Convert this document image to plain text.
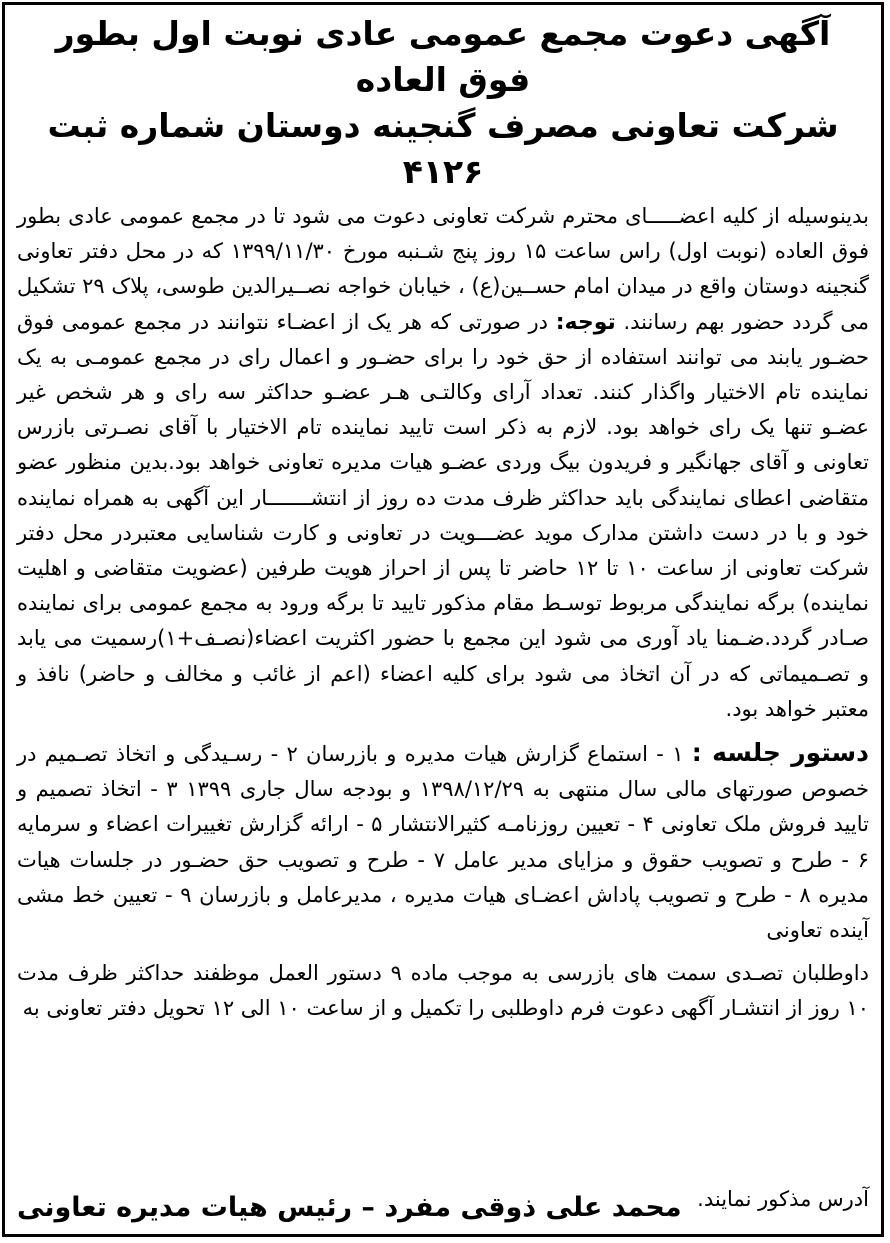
آگهی دعوت مجمع عمومی عادی نوبت اول بطور فوق العاده
شرکت تعاونی مصرف گنجینه دوستان شماره ثبت ۴۱۲۶

بدینوسیله از کلیه اعضـــــای محترم شرکت تعاونی دعوت می شود تا در مجمع عمومی عادی بطور فوق العاده (نوبت اول) راس ساعت ۱۵ روز پنج شـنبه مورخ ۱۳۹۹/۱۱/۳۰ که در محل دفتر تعاونی گنجینه دوستان واقع در میدان امام حســین(ع) ، خیابان خواجه نصــیرالدین طوسی، پلاک ۲۹ تشکیل می گردد حضور بهم رسانند. توجه: در صورتی که هر یک از اعضـاء نتوانند در مجمع عمومی فوق حضـور یابند می توانند استفاده از حق خود را برای حضـور و اعمال رای در مجمع عمومـی به یک نماینده تام الاختیار واگذار کنند. تعداد آرای وکالتـی هـر عضـو حداکثر سه رای و هر شخص غیر عضـو تنها یک رای خواهد بود. لازم به ذکر است تایید نماینده تام الاختیار با آقای نصـرتی بازرس تعاونی و آقای جهانگیر و فریدون بیگ وردی عضـو هیات مدیره تعاونی خواهد بود.بدین منظور عضو متقاضی اعطای نمایندگی باید حداکثر ظرف مدت ده روز از انتشـــــــار این آگهی به همراه نماینده خود و با در دست داشتن مدارک موید عضـــویت در تعاونی و کارت شناسایی معتبردر محل دفتر شرکت تعاونی از ساعت ۱۰ تا ۱۲ حاضر تا پس از احراز هویت طرفین (عضویت متقاضی و اهلیت نماینده) برگه نمایندگی مربوط توسـط مقام مذکور تایید تا برگه ورود به مجمع عمومی برای نماینده صـادر گردد.ضـمنا یاد آوری می شود این مجمع با حضور اکثریت اعضاء(نصـف+۱)رسمیت می یابد و تصـمیماتی که در آن اتخاذ می شود برای کلیه اعضاء (اعم از غائب و مخالف و حاضر) نافذ و معتبر خواهد بود.

دستور جلسه : ۱ - استماع گزارش هیات مدیره و بازرسان ۲ - رسـیدگی و اتخاذ تصـمیم در خصوص صورتهای مالی سال منتهی به ۱۳۹۸/۱۲/۲۹ و بودجه سال جاری ۱۳۹۹ ۳ - اتخاذ تصمیم و تایید فروش ملک تعاونی ۴ - تعیین روزنامـه کثیرالانتشار ۵ - ارائه گزارش تغییرات اعضاء و سرمایه ۶ - طرح و تصویب حقوق و مزایای مدیر عامل ۷ - طرح و تصویب حق حضـور در جلسات هیات مدیره ۸ - طرح و تصویب پاداش اعضـای هیات مدیره ، مدیرعامل و بازرسان ۹ - تعیین خط مشی آینده تعاونی

داوطلبان تصـدی سمت های بازرسی به موجب ماده ۹ دستور العمل موظفند حداکثر ظرف مدت ۱۰ روز از انتشـار آگهی دعوت فرم داوطلبی را تکمیل و از ساعت ۱۰ الی ۱۲ تحویل دفتر تعاونی به

آدرس مذکور نمایند.
محمد علی ذوقی مفرد – رئیس هیات مدیره تعاونی
